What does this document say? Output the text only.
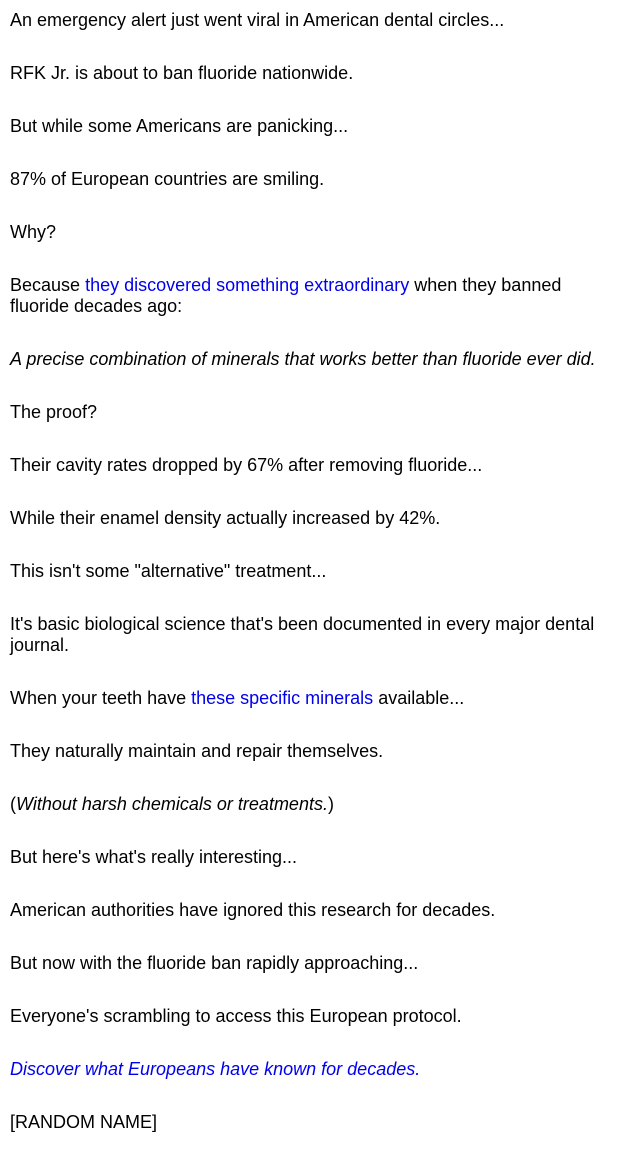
An emergency alert just went viral in American dental circles...

RFK Jr. is about to ban fluoride nationwide.

But while some Americans are panicking...

87% of European countries are smiling.

Why?

Because they discovered something extraordinary when they banned fluoride decades ago:

A precise combination of minerals that works better than fluoride ever did.

The proof?

Their cavity rates dropped by 67% after removing fluoride...

While their enamel density actually increased by 42%.

This isn't some "alternative" treatment...

It's basic biological science that's been documented in every major dental journal.

When your teeth have these specific minerals available...

They naturally maintain and repair themselves.

(Without harsh chemicals or treatments.)

But here's what's really interesting...

American authorities have ignored this research for decades.

But now with the fluoride ban rapidly approaching...

Everyone's scrambling to access this European protocol.

Discover what Europeans have known for decades.

[RANDOM NAME]
